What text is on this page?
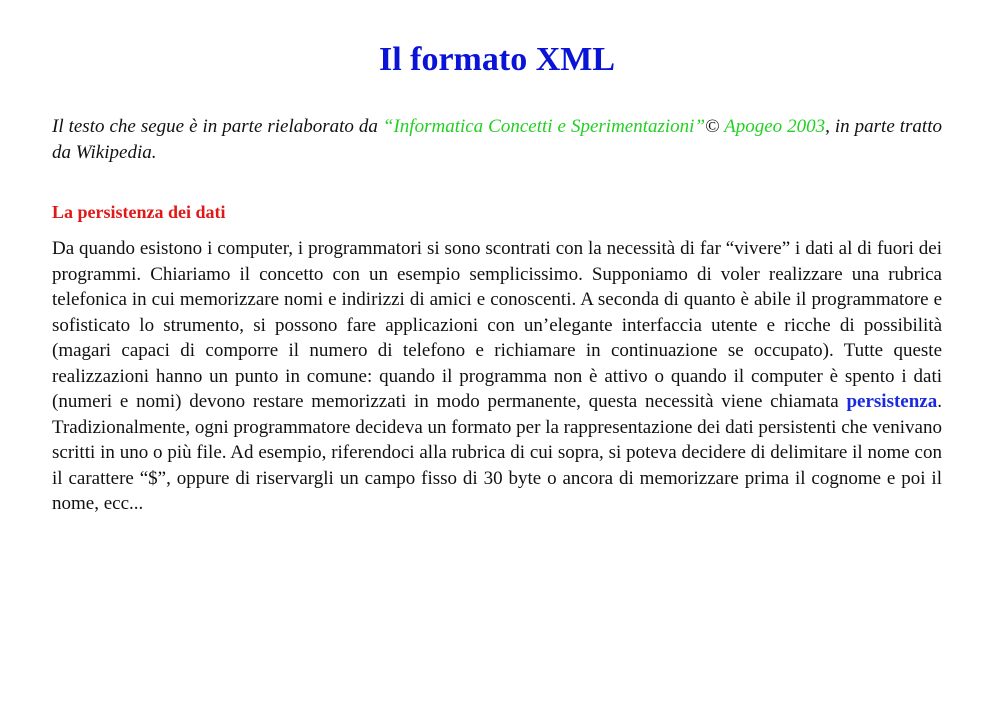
Il formato XML

Il testo che segue è in parte rielaborato da “Informatica Concetti e Sperimentazioni”© Apogeo 2003, in parte tratto da Wikipedia.

La persistenza dei dati

Da quando esistono i computer, i programmatori si sono scontrati con la necessità di far “vivere” i dati al di fuori dei programmi. Chiariamo il concetto con un esempio semplicissimo. Supponiamo di voler realizzare una rubrica telefonica in cui memorizzare nomi e indirizzi di amici e conoscenti. A seconda di quanto è abile il programmatore e sofisticato lo strumento, si possono fare applicazioni con un’elegante interfaccia utente e ricche di possibilità (magari capaci di comporre il numero di telefono e richiamare in continuazione se occupato). Tutte queste realizzazioni hanno un punto in comune: quando il programma non è attivo o quando il computer è spento i dati (numeri e nomi) devono restare memorizzati in modo permanente, questa necessità viene chiamata persistenza. Tradizionalmente, ogni programmatore decideva un formato per la rappresentazione dei dati persistenti che venivano scritti in uno o più file. Ad esempio, riferendoci alla rubrica di cui sopra, si poteva decidere di delimitare il nome con il carattere “$”, oppure di riservargli un campo fisso di 30 byte o ancora di memorizzare prima il cognome e poi il nome, ecc...
